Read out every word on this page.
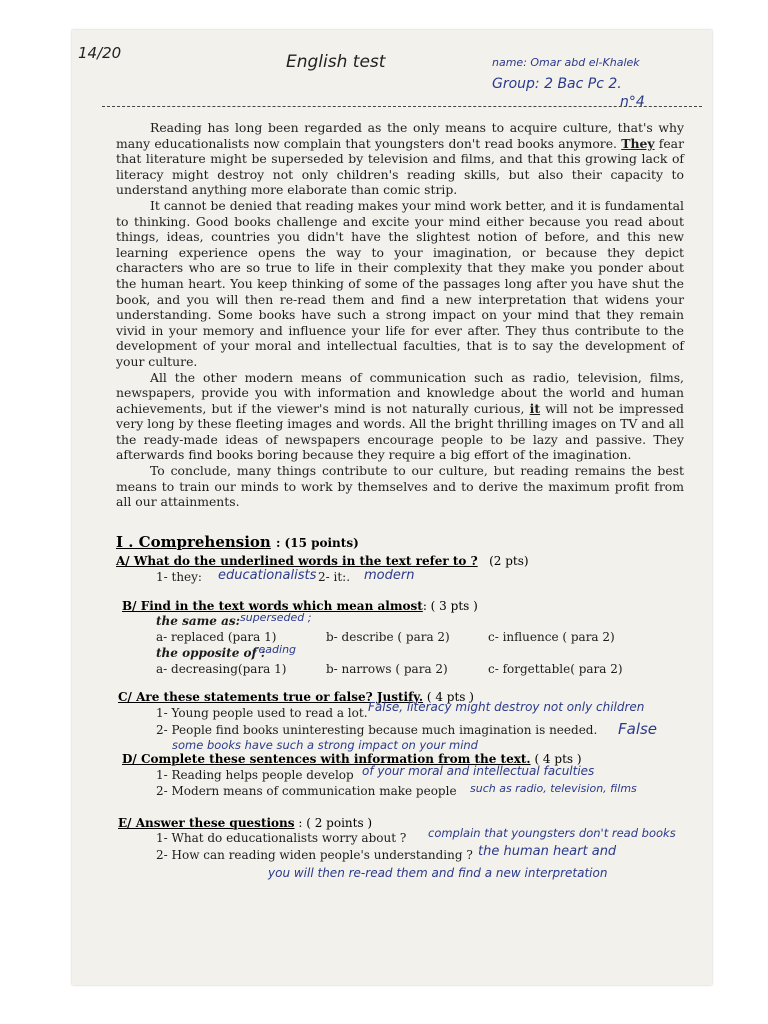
14/20	English test	name: Omar abd el-Khalek
Group: 2 Bac Pc 2.
n°4

Reading has long been regarded as the only means to acquire culture, that's why many educationalists now complain that youngsters don't read books anymore. They fear that literature might be superseded by television and films, and that this growing lack of literacy might destroy not only children's reading skills, but also their capacity to understand anything more elaborate than comic strip.

It cannot be denied that reading makes your mind work better, and it is fundamental to thinking. Good books challenge and excite your mind either because you read about things, ideas, countries you didn't have the slightest notion of before, and this new learning experience opens the way to your imagination, or because they depict characters who are so true to life in their complexity that they make you ponder about the human heart. You keep thinking of some of the passages long after you have shut the book, and you will then re-read them and find a new interpretation that widens your understanding. Some books have such a strong impact on your mind that they remain vivid in your memory and influence your life for ever after. They thus contribute to the development of your moral and intellectual faculties, that is to say the development of your culture.

All the other modern means of communication such as radio, television, films, newspapers, provide you with information and knowledge about the world and human achievements, but if the viewer's mind is not naturally curious, it will not be impressed very long by these fleeting images and words. All the bright thrilling images on TV and all the ready-made ideas of newspapers encourage people to be lazy and passive. They afterwards find books boring because they require a big effort of the imagination.

To conclude, many things contribute to our culture, but reading remains the best means to train our minds to work by themselves and to derive the maximum profit from all our attainments.

I . Comprehension : (15 points)
A/ What do the underlined words in the text refer to ? (2 pts)
1- they: educationalists 2- it:. modern
B/ Find in the text words which mean almost: ( 3 pts )
the same as: superseded ;
a- replaced (para 1)	b- describe ( para 2)	c- influence ( para 2)
the opposite of :
reading
a- decreasing(para 1)	b- narrows ( para 2)	c- forgettable( para 2)
C/ Are these statements true or false? Justify. ( 4 pts )
1- Young people used to read a lot. False, literacy might destroy not only children
2- People find books uninteresting because much imagination is needed. False
some books have such a strong impact on your mind
D/ Complete these sentences with information from the text. ( 4 pts )
1- Reading helps people develop of your moral and intellectual faculties
2- Modern means of communication make people such as radio, television, films
E/ Answer these questions : ( 2 points )
1- What do educationalists worry about ? complain that youngsters don't read books
2- How can reading widen people's understanding ? the human heart and
you will then re-read them and find a new interpretation
